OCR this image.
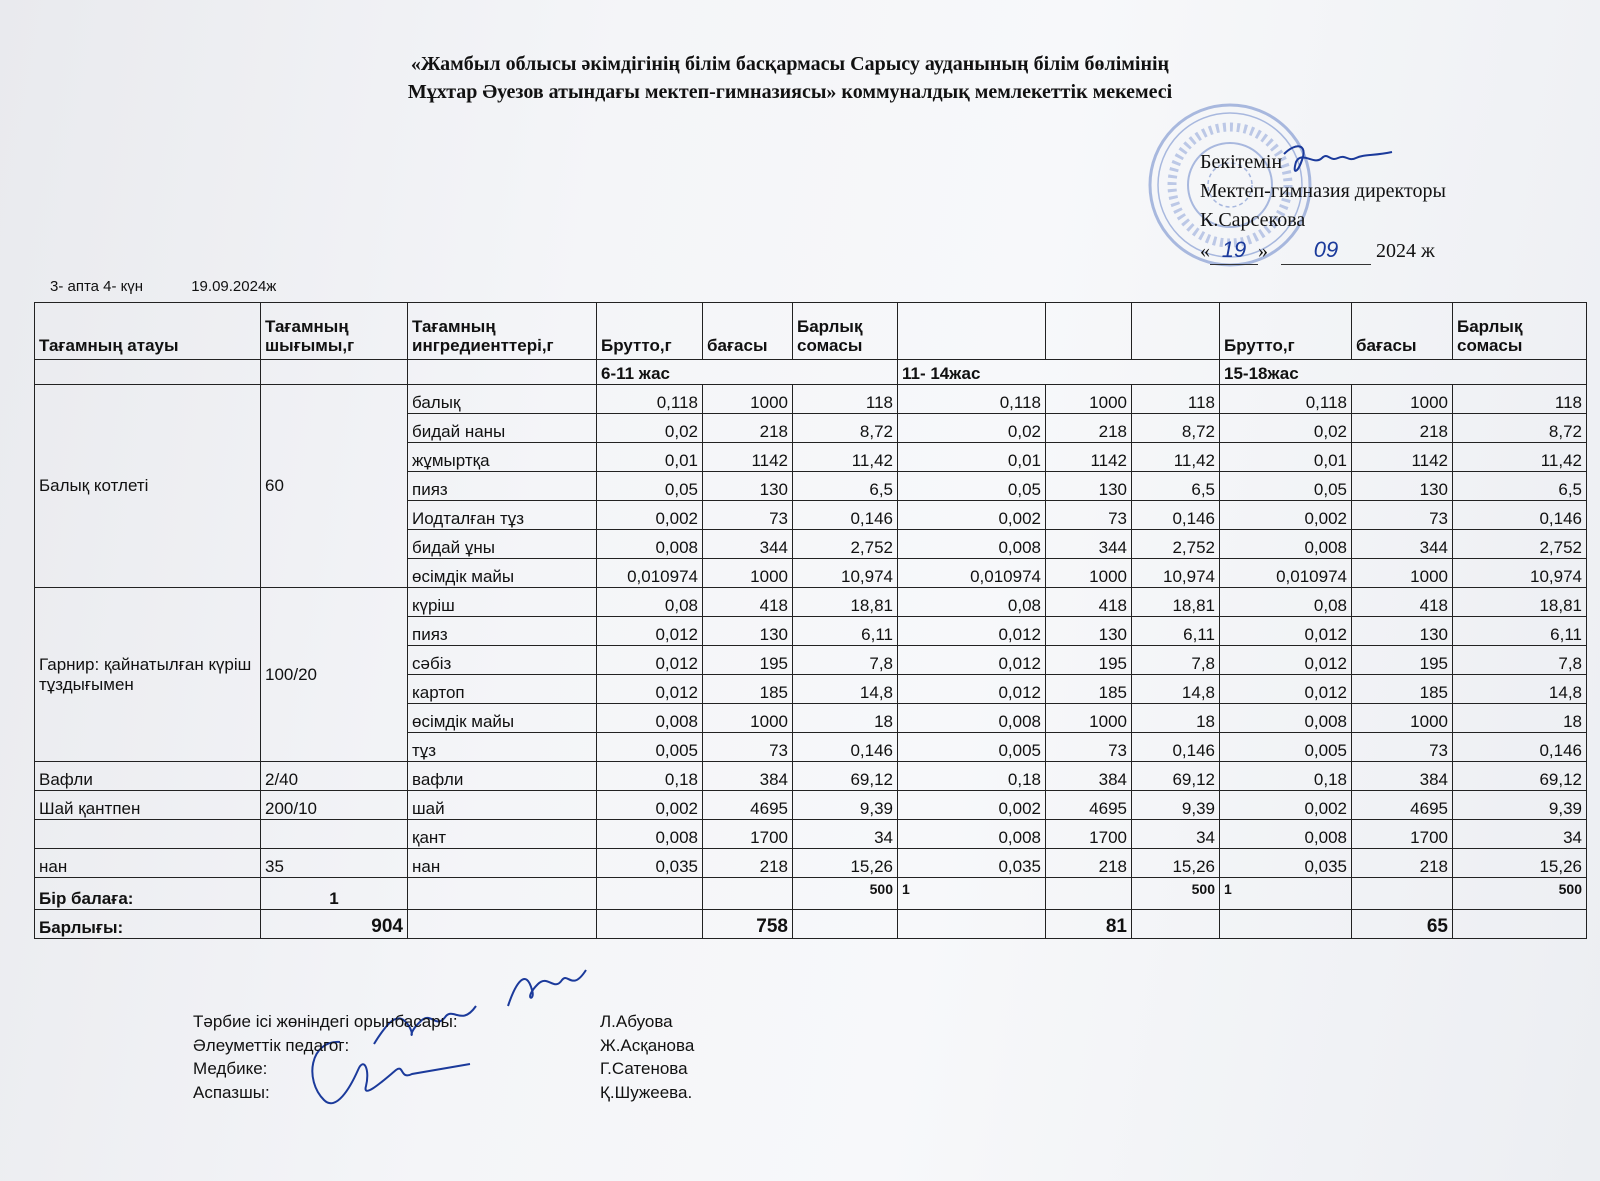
«Жамбыл облысы әкімдігінің білім басқармасы Сарысу ауданының білім бөлімінің
Мұхтар Әуезов атындағы мектеп-гимназиясы» коммуналдық мемлекеттік мекемесі
Бекітемін
Мектеп-гимназия директоры
К.Сарсекова
« 19 » 09 2024 ж
3- апта 4- күн	19.09.2024ж
Тағамның атауы	Тағамның шығымы,г	Тағамның ингредиенттері,г	Брутто,г	бағасы	Барлық сомасы				Брутто,г	бағасы	Барлық сомасы
			6-11 жас			11- 14жас			15-18жас		
Балық котлеті	60	балық	0,118	1000	118	0,118	1000	118	0,118	1000	118
		бидай наны	0,02	218	8,72	0,02	218	8,72	0,02	218	8,72
		жұмыртқа	0,01	1142	11,42	0,01	1142	11,42	0,01	1142	11,42
		пияз	0,05	130	6,5	0,05	130	6,5	0,05	130	6,5
		Иодталған тұз	0,002	73	0,146	0,002	73	0,146	0,002	73	0,146
		бидай ұны	0,008	344	2,752	0,008	344	2,752	0,008	344	2,752
		өсімдік майы	0,010974	1000	10,974	0,010974	1000	10,974	0,010974	1000	10,974
Гарнир: қайнатылған күріш тұздығымен	100/20	күріш	0,08	418	18,81	0,08	418	18,81	0,08	418	18,81
		пияз	0,012	130	6,11	0,012	130	6,11	0,012	130	6,11
		сәбіз	0,012	195	7,8	0,012	195	7,8	0,012	195	7,8
		картоп	0,012	185	14,8	0,012	185	14,8	0,012	185	14,8
		өсімдік майы	0,008	1000	18	0,008	1000	18	0,008	1000	18
		тұз	0,005	73	0,146	0,005	73	0,146	0,005	73	0,146
Вафли	2/40	вафли	0,18	384	69,12	0,18	384	69,12	0,18	384	69,12
Шай қантпен	200/10	шай	0,002	4695	9,39	0,002	4695	9,39	0,002	4695	9,39
		қант	0,008	1700	34	0,008	1700	34	0,008	1700	34
нан	35	нан	0,035	218	15,26	0,035	218	15,26	0,035	218	15,26
Бір балаға:	1				500	1		500	1		500
Барлығы:	904			758			81			65	
Тәрбие ісі жөніндегі орынбасары:
Әлеуметтік педагог:
Медбике:
Аспазшы:
Л.Абуова
Ж.Асқанова
Г.Сатенова
Қ.Шужеева.
